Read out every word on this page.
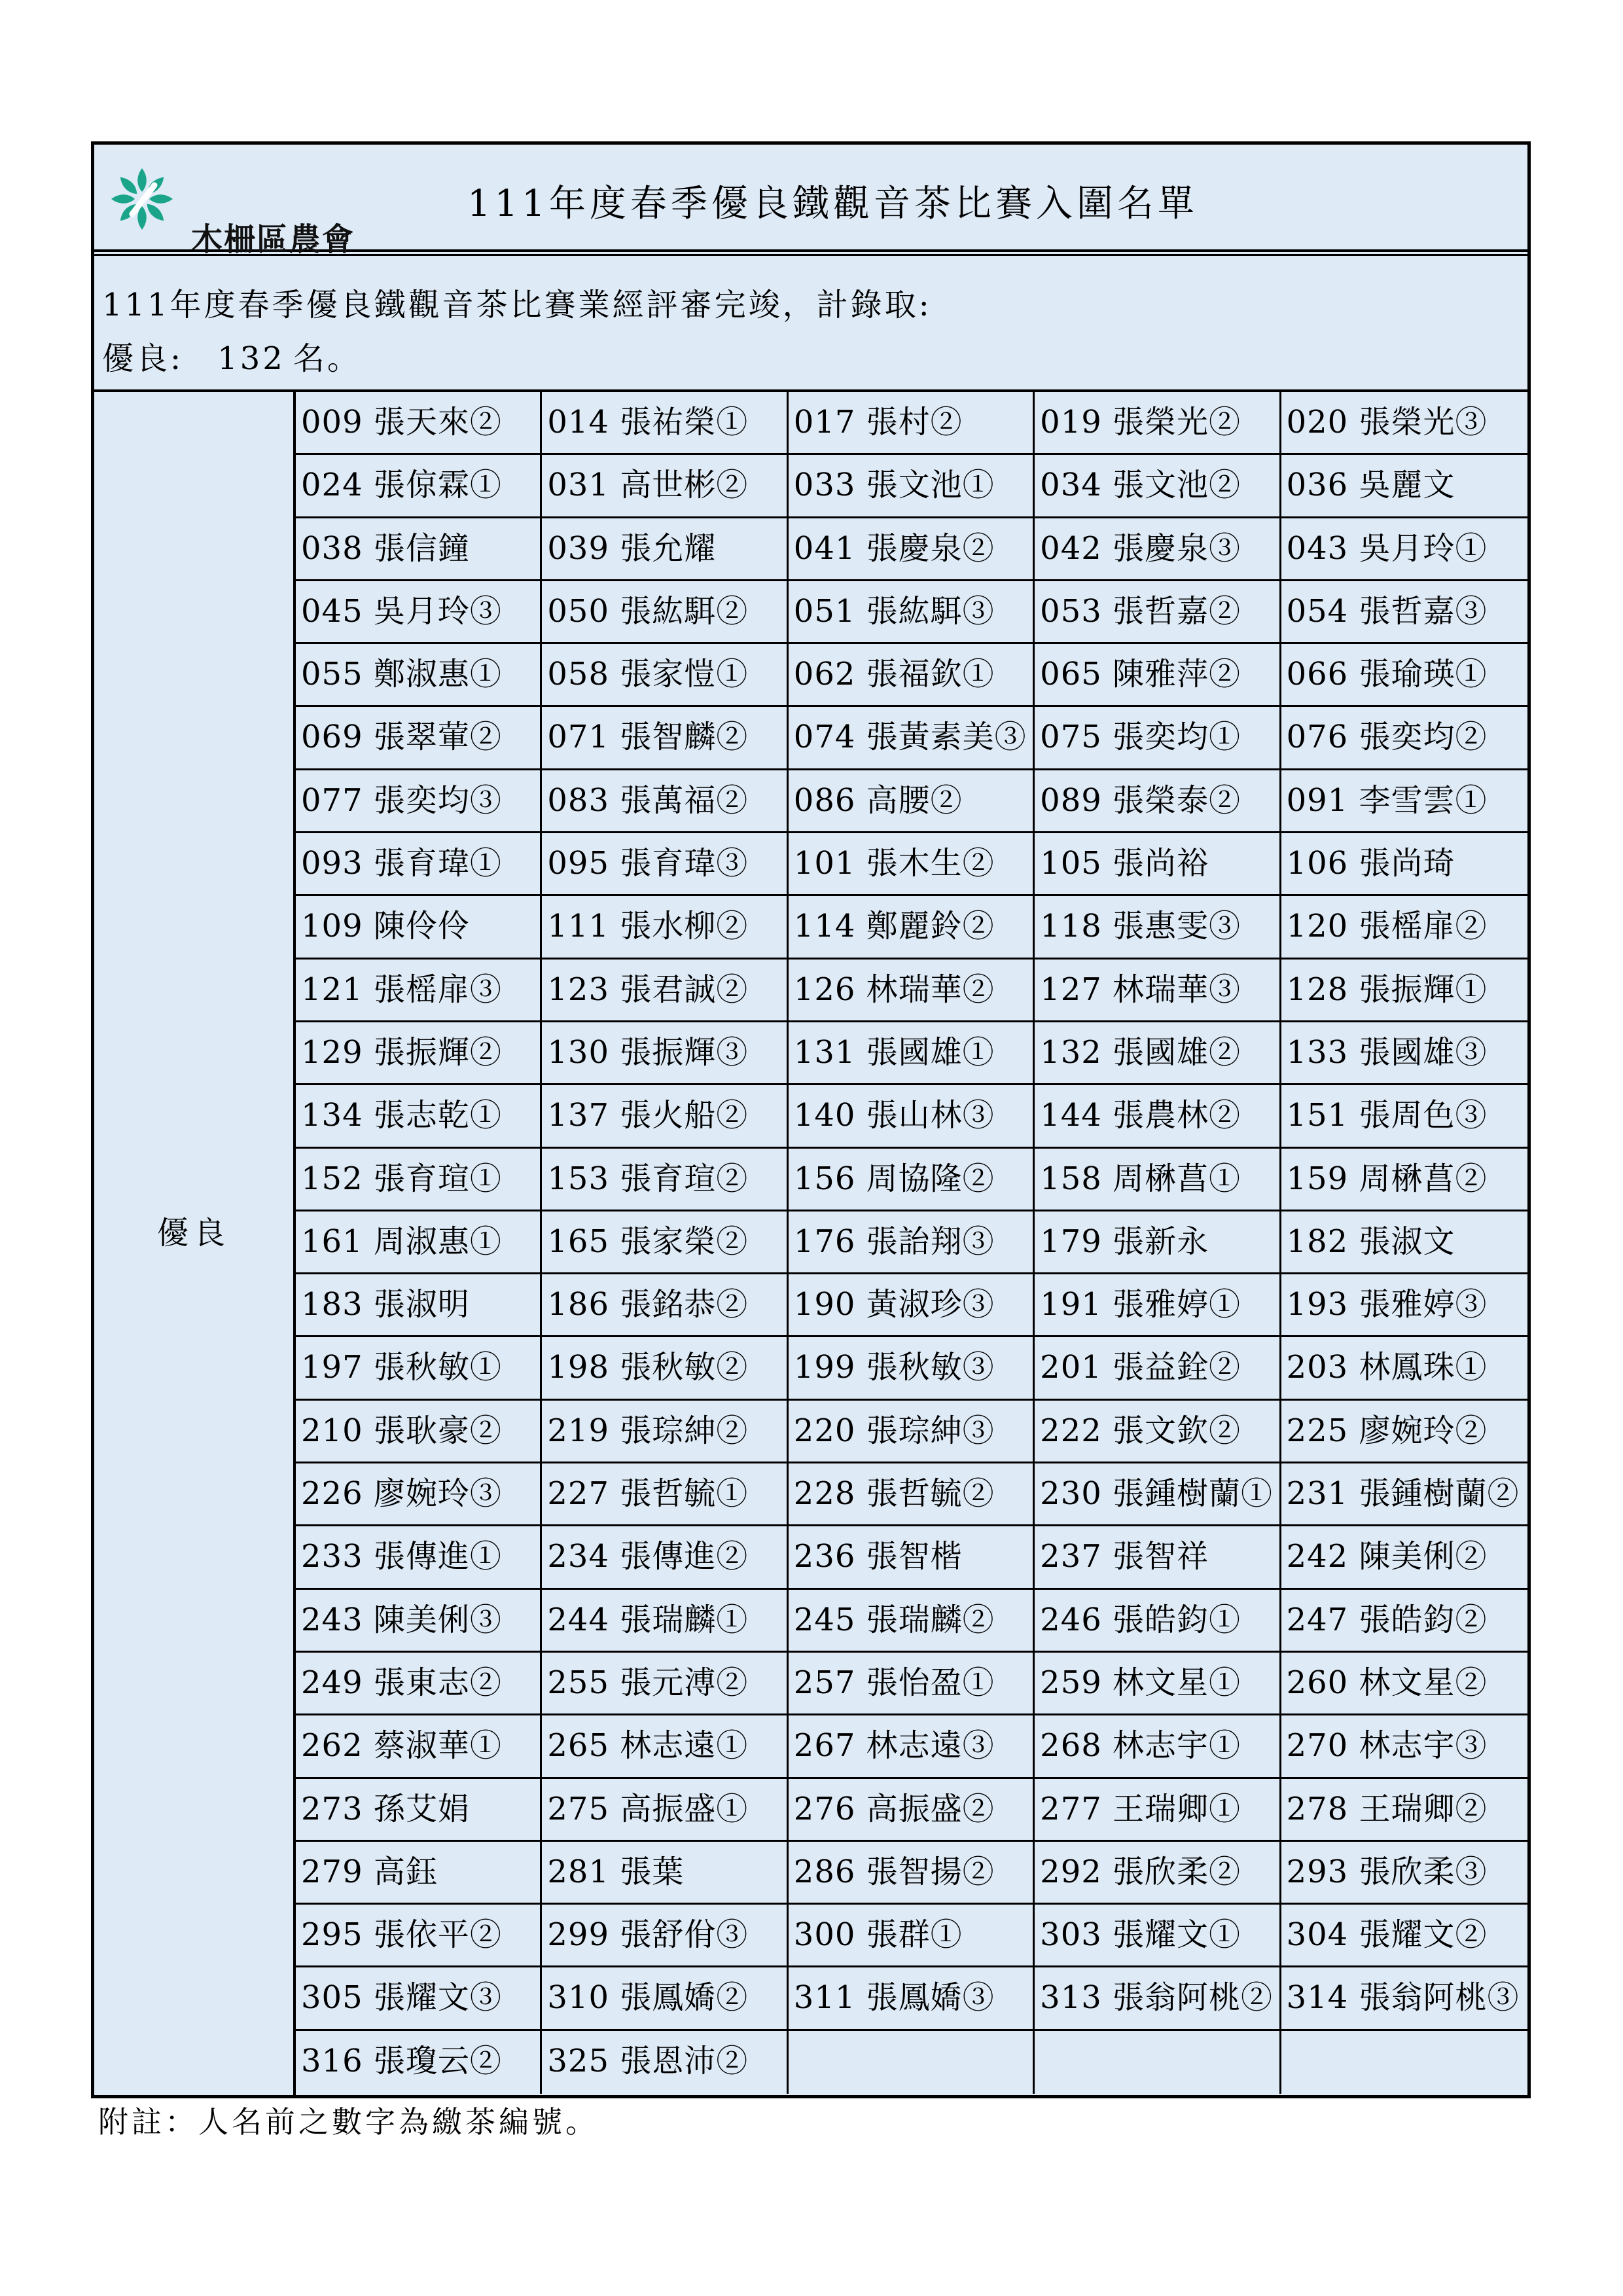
木柵區農會
111年度春季優良鐵觀音茶比賽入圍名單
111年度春季優良鐵觀音茶比賽業經評審完竣，計錄取:
優良: 132 名。
優良
009 張天來②	014 張祐榮①	017 張村②	019 張榮光②	020 張榮光③
024 張倞霖①	031 高世彬②	033 張文池①	034 張文池②	036 吳麗文
038 張信鐘	039 張允耀	041 張慶泉②	042 張慶泉③	043 吳月玲①
045 吳月玲③	050 張紘駬②	051 張紘駬③	053 張哲嘉②	054 張哲嘉③
055 鄭淑惠①	058 張家愷①	062 張福欽①	065 陳雅萍②	066 張瑜瑛①
069 張翠葷②	071 張智麟②	074 張黃素美③ 075 張奕均①	076 張奕均②
077 張奕均③	083 張萬福②	086 高腰②	089 張榮泰②	091 李雪雲①
093 張育瑋①	095 張育瑋③	101 張木生②	105 張尚裕	106 張尚琦
109 陳伶伶	111 張水柳②	114 鄭麗鈴②	118 張惠雯③	120 張榣扉②
121 張榣扉③	123 張君誠②	126 林瑞華②	127 林瑞華③	128 張振輝①
129 張振輝②	130 張振輝③	131 張國雄①	132 張國雄②	133 張國雄③
134 張志乾①	137 張火船②	140 張山林③	144 張農林②	151 張周色③
152 張育瑄①	153 張育瑄②	156 周協隆②	158 周楙菖①	159 周楙菖②
161 周淑惠①	165 張家榮②	176 張詒翔③	179 張新永	182 張淑文
183 張淑明	186 張銘恭②	190 黃淑珍③	191 張雅婷①	193 張雅婷③
197 張秋敏①	198 張秋敏②	199 張秋敏③	201 張益銓②	203 林鳳珠①
210 張耿豪②	219 張琮紳②	220 張琮紳③	222 張文欽②	225 廖婉玲②
226 廖婉玲③	227 張哲毓①	228 張哲毓②	230 張鍾樹蘭① 231 張鍾樹蘭②
233 張傳進①	234 張傳進②	236 張智楷	237 張智祥	242 陳美俐②
243 陳美俐③	244 張瑞麟①	245 張瑞麟②	246 張皓鈞①	247 張皓鈞②
249 張東志②	255 張元溥②	257 張怡盈①	259 林文星①	260 林文星②
262 蔡淑華①	265 林志遠①	267 林志遠③	268 林志宇①	270 林志宇③
273 孫艾娟	275 高振盛①	276 高振盛②	277 王瑞卿①	278 王瑞卿②
279 高鈺	281 張葉	286 張智揚②	292 張欣柔②	293 張欣柔③
295 張依平②	299 張舒佾③	300 張群①	303 張耀文①	304 張耀文②
305 張耀文③	310 張鳳嬌②	311 張鳳嬌③	313 張翁阿桃② 314 張翁阿桃③
316 張瓊云②	325 張恩沛②
附註：人名前之數字為繳茶編號。
